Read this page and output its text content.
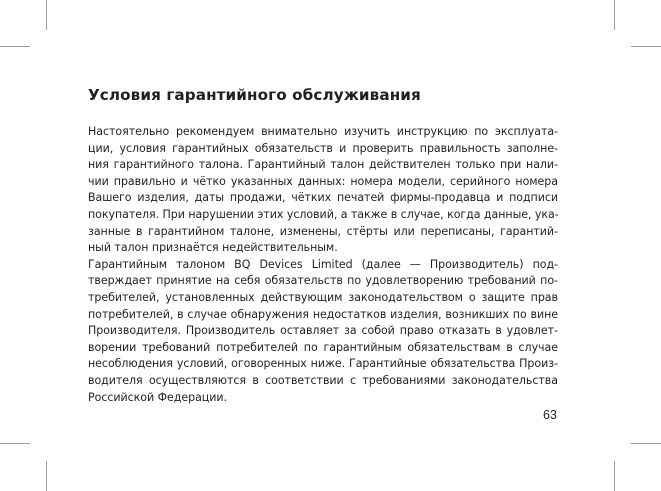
Условия гарантийного обслуживания
Настоятельно рекомендуем внимательно изучить инструкцию по эксплуата-
ции, условия гарантийных обязательств и проверить правильность заполне-
ния гарантийного талона. Гарантийный талон действителен только при нали-
чии правильно и чётко указанных данных: номера модели, серийного номера
Вашего изделия, даты продажи, чётких печатей фирмы-продавца и подписи
покупателя. При нарушении этих условий, а также в случае, когда данные, ука-
занные в гарантийном талоне, изменены, стёрты или переписаны, гарантий-
ный талон признаётся недействительным.
Гарантийным талоном BQ Devices Limited (далее — Производитель) под-
тверждает принятие на себя обязательств по удовлетворению требований по-
требителей, установленных действующим законодательством о защите прав
потребителей, в случае обнаружения недостатков изделия, возникших по вине
Производителя. Производитель оставляет за собой право отказать в удовлет-
ворении требований потребителей по гарантийным обязательствам в случае
несоблюдения условий, оговоренных ниже. Гарантийные обязательства Произ-
водителя осуществляются в соответствии с требованиями законодательства
Российской Федерации.
63
